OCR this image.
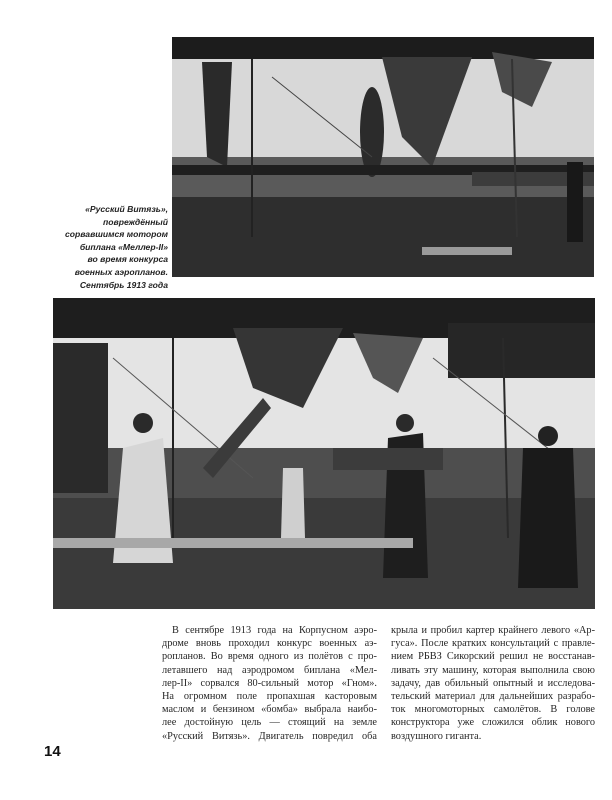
«Русский Витязь»,
повреждённый
сорвавшимся мотором
биплана «Меллер-II»
во время конкурса
военных аэропланов.
Сентябрь 1913 года
В сентябре 1913 года на Корпусном аэро-
дроме вновь проходил конкурс военных аэ-
ропланов. Во время одного из полётов с про-
летавшего над аэродромом биплана «Мел-
лер-II» сорвался 80-сильный мотор «Гном».
На огромном поле пропахшая касторовым
маслом и бензином «бомба» выбрала наибо-
лее достойную цель — стоящий на земле
«Русский Витязь». Двигатель повредил оба
крыла и пробил картер крайнего левого «Ар-
гуса». После кратких консультаций с правле-
нием РБВЗ Сикорский решил не восстанав-
ливать эту машину, которая выполнила свою
задачу, дав обильный опытный и исследова-
тельский материал для дальнейших разрабо-
ток многомоторных самолётов. В голове
конструктора уже сложился облик нового
воздушного гиганта.
14
